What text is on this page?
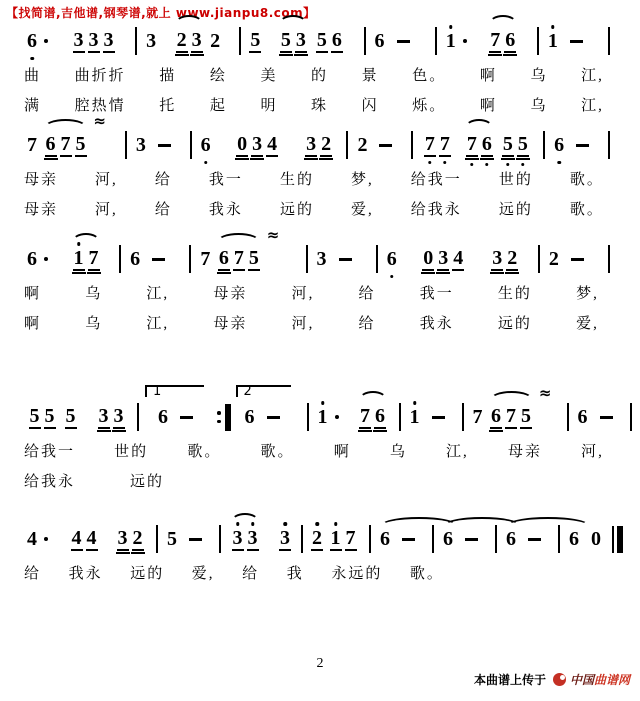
【找简谱,吉他谱,钢琴谱,就上 www.jianpu8.com】
6 3 3 3 3 2 3 2 5 5 3 5 6 6	1 7 6 1
曲 曲折折 描 绘 美 的 景 色。 啊 乌 江,
满 腔热情 托 起 明 珠 闪 烁。 啊 乌 江,
7 6 7 5
≈
3	6 0 3 4 3 2 2	7 7 7 6 5 5 6
母亲 河, 给 我一 生的 梦, 给我一 世的 歌。
母亲 河, 给 我永 远的 爱, 给我永 远的 歌。
6 1 7 6	7 6 7 5
≈
3	6 0 3 4 3 2 2
啊	乌	江,	母亲	河,	给	我一	生的	梦,
啊	乌	江,	母亲	河,	给	我永	远的	爱,
5 5 5 3 3
1
6
2
6	1 7 6 1	7 6 7 5
≈
6
给我一	世的	歌。	歌。	啊	乌	江,	母亲	河,
给我永	远的
4 4 4 3 2 5	3 3 3 2 1 7 6	6	6	6 0
给 我永 远的 爱, 给 我 永远的 歌。
2
本曲谱上传于 中国 曲谱网
